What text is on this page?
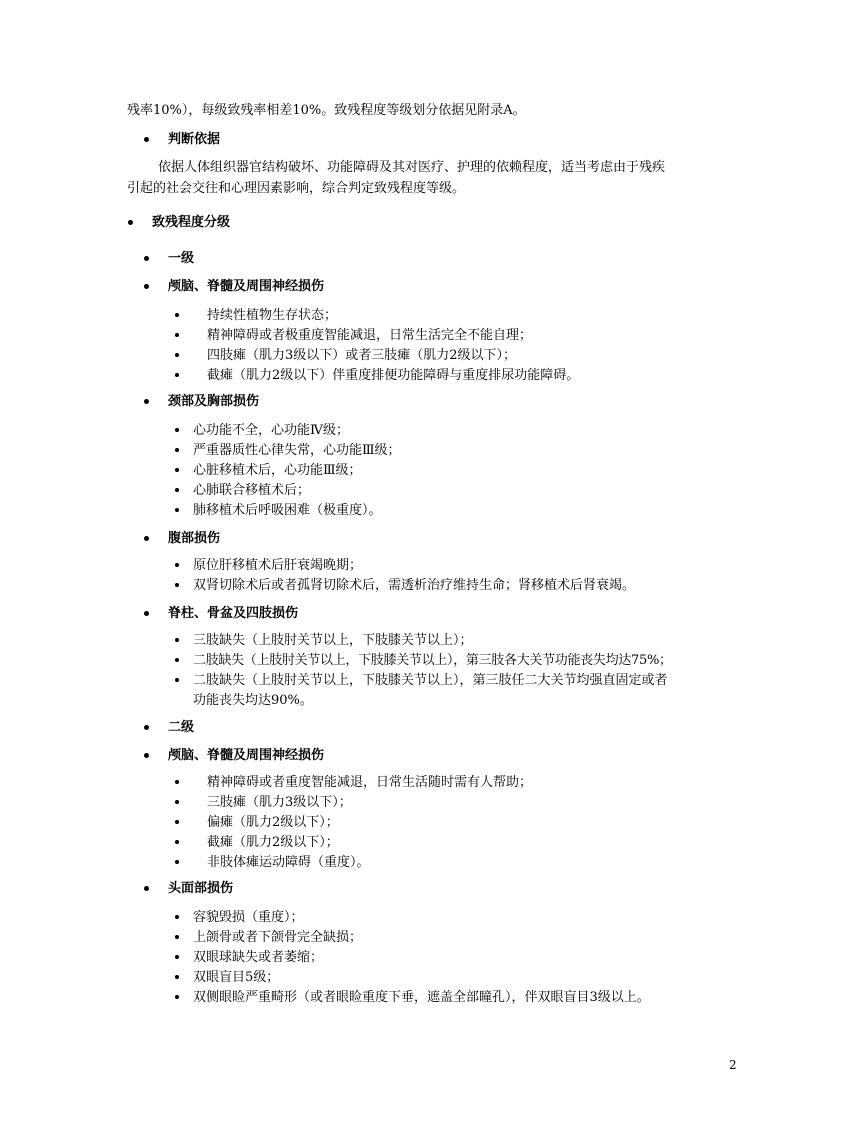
残率10%），每级致残率相差10%。致残程度等级划分依据见附录A。
判断依据
依据人体组织器官结构破坏、功能障碍及其对医疗、护理的依赖程度，适当考虑由于残疾
引起的社会交往和心理因素影响，综合判定致残程度等级。
致残程度分级
一级
颅脑、脊髓及周围神经损伤
持续性植物生存状态；
精神障碍或者极重度智能减退，日常生活完全不能自理；
四肢瘫（肌力3级以下）或者三肢瘫（肌力2级以下）；
截瘫（肌力2级以下）伴重度排便功能障碍与重度排尿功能障碍。
颈部及胸部损伤
心功能不全，心功能Ⅳ级；
严重器质性心律失常，心功能Ⅲ级；
心脏移植术后，心功能Ⅲ级；
心肺联合移植术后；
肺移植术后呼吸困难（极重度）。
腹部损伤
原位肝移植术后肝衰竭晚期；
双肾切除术后或者孤肾切除术后，需透析治疗维持生命；肾移植术后肾衰竭。
脊柱、骨盆及四肢损伤
三肢缺失（上肢肘关节以上，下肢膝关节以上）；
二肢缺失（上肢肘关节以上，下肢膝关节以上），第三肢各大关节功能丧失均达75%；
二肢缺失（上肢肘关节以上，下肢膝关节以上），第三肢任二大关节均强直固定或者
功能丧失均达90%。
二级
颅脑、脊髓及周围神经损伤
精神障碍或者重度智能减退，日常生活随时需有人帮助；
三肢瘫（肌力3级以下）；
偏瘫（肌力2级以下）；
截瘫（肌力2级以下）；
非肢体瘫运动障碍（重度）。
头面部损伤
容貌毁损（重度）；
上颌骨或者下颌骨完全缺损；
双眼球缺失或者萎缩；
双眼盲目5级；
双侧眼睑严重畸形（或者眼睑重度下垂，遮盖全部瞳孔），伴双眼盲目3级以上。
2
